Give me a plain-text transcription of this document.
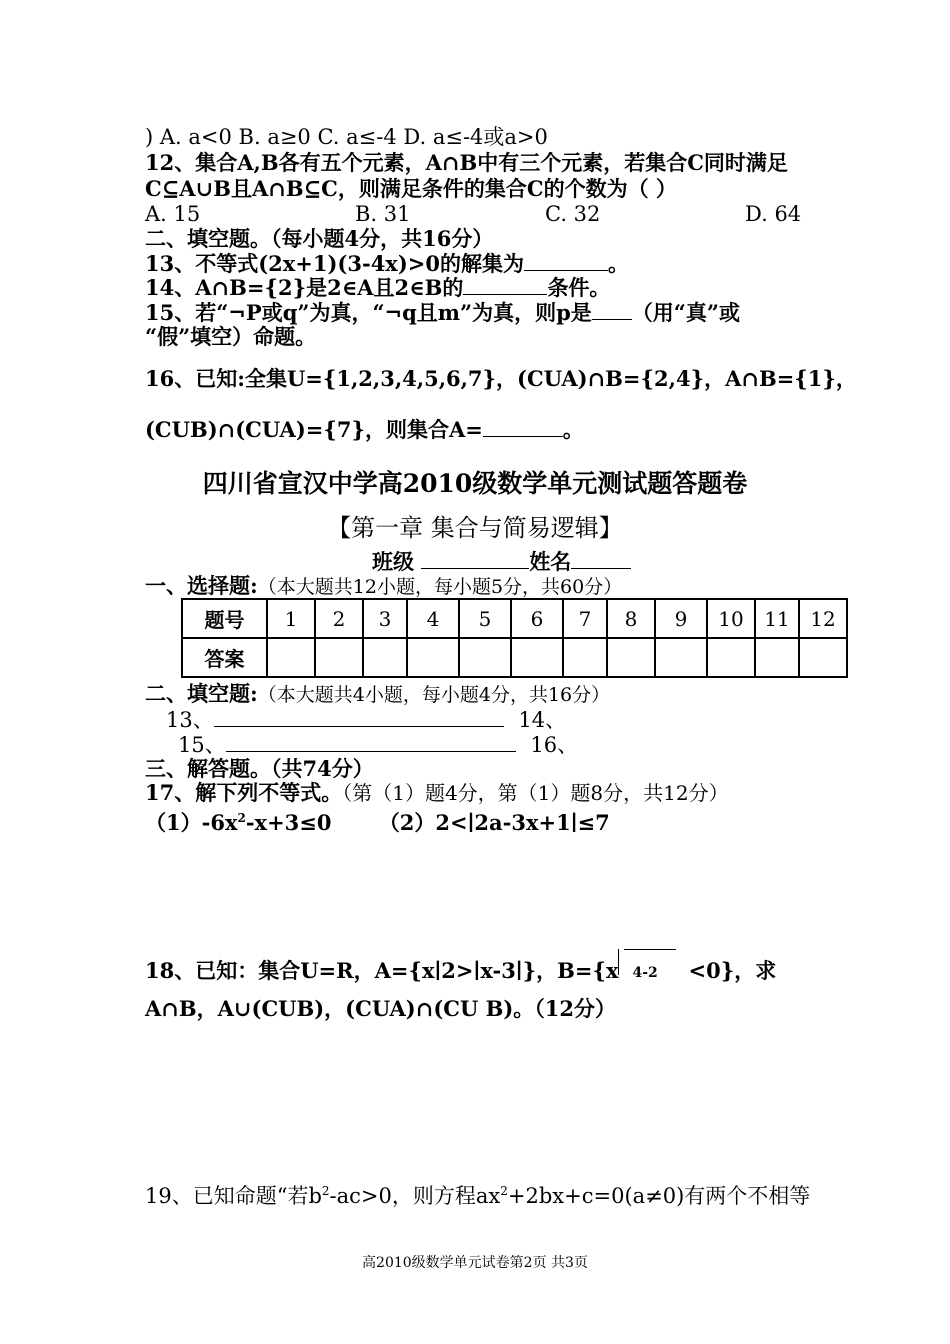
) A. a<0 B. a≥0 C. a≤-4 D. a≤-4或a>0
12、集合A,B各有五个元素，A∩B中有三个元素，若集合C同时满足
C⊆A∪B且A∩B⊆C，则满足条件的集合C的个数为（ ）
A. 15	B. 31	C. 32	D. 64
二、填空题。（每小题4分，共16分）
13、不等式(2x+1)(3-4x)>0的解集为	。
14、A∩B={2}是2∈A且2∈B的	条件。
15、若“¬P或q”为真，“¬q且m”为真，则p是 （用“真”或
“假”填空）命题。
16、已知:全集U={1,2,3,4,5,6,7}，(CUA)∩B={2,4}，A∩B={1}，
(CUB)∩(CUA)={7}，则集合A=	。
四川省宣汉中学高2010级数学单元测试题答题卷
【第一章 集合与简易逻辑】
班级	姓名
一、选择题:（本大题共12小题，每小题5分，共60分）
题号	1	2	3	4	5	6	7	8	9	10	11	12
答案												
二、填空题:（本大题共4小题，每小题4分，共16分）
13、	14、
15、	16、
三、解答题。（共74分）
17、解下列不等式。（第（1）题4分，第（1）题8分，共12分）
$(1)-6x^2-x+3\le 0$ （2）2<∣2a-3x+1∣≤7
18、已知：集合U=R，A={x∣2>∣x-3∣}，B={x 4-2 <0}，求
A∩B，A∪(CUB)，(CUA)∩(CU B)。（12分）
19、已知命题“若$b^2-ac>0$，则方程$ax^2+2bx+c=0(a\ne 0)$有两个不相等
高2010级数学单元试卷第2页 共3页
